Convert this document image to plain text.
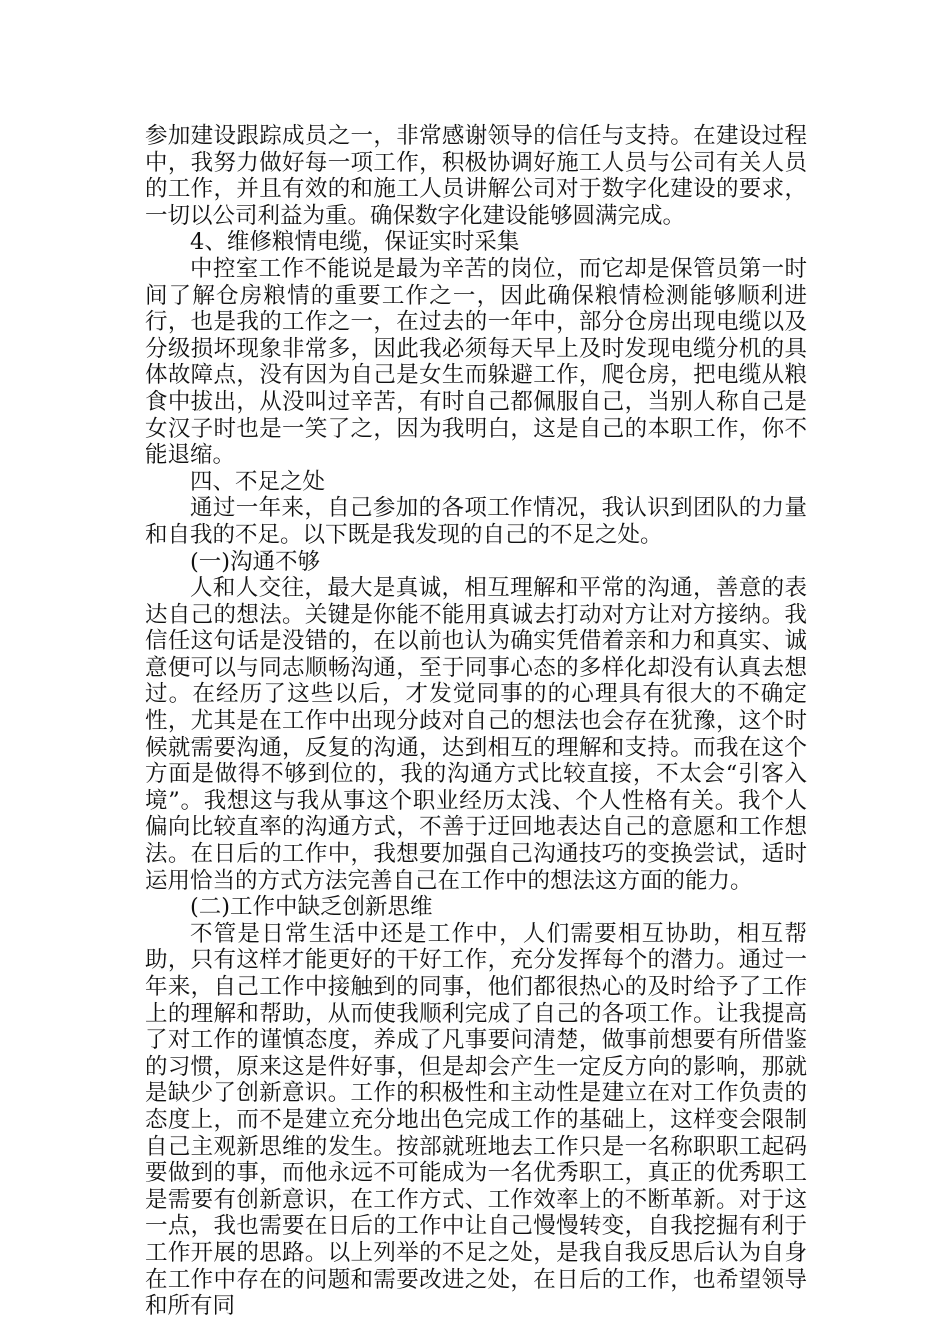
参加建设跟踪成员之一，非常感谢领导的信任与支持。在建设过程中，我努力做好每一项工作，积极协调好施工人员与公司有关人员的工作，并且有效的和施工人员讲解公司对于数字化建设的要求，一切以公司利益为重。确保数字化建设能够圆满完成。

4、维修粮情电缆，保证实时采集

中控室工作不能说是最为辛苦的岗位，而它却是保管员第一时间了解仓房粮情的重要工作之一，因此确保粮情检测能够顺利进行，也是我的工作之一，在过去的一年中，部分仓房出现电缆以及分级损坏现象非常多，因此我必须每天早上及时发现电缆分机的具体故障点，没有因为自己是女生而躲避工作，爬仓房，把电缆从粮食中拔出，从没叫过辛苦，有时自己都佩服自己，当别人称自己是女汉子时也是一笑了之，因为我明白，这是自己的本职工作，你不能退缩。

四、不足之处

通过一年来，自己参加的各项工作情况，我认识到团队的力量和自我的不足。以下既是我发现的自己的不足之处。

(一)沟通不够

人和人交往，最大是真诚，相互理解和平常的沟通，善意的表达自己的想法。关键是你能不能用真诚去打动对方让对方接纳。我信任这句话是没错的，在以前也认为确实凭借着亲和力和真实、诚意便可以与同志顺畅沟通，至于同事心态的多样化却没有认真去想过。在经历了这些以后，才发觉同事的的心理具有很大的不确定性，尤其是在工作中出现分歧对自己的想法也会存在犹豫，这个时候就需要沟通，反复的沟通，达到相互的理解和支持。而我在这个方面是做得不够到位的，我的沟通方式比较直接，不太会“引客入境”。我想这与我从事这个职业经历太浅、个人性格有关。我个人偏向比较直率的沟通方式，不善于迂回地表达自己的意愿和工作想法。在日后的工作中，我想要加强自己沟通技巧的变换尝试，适时运用恰当的方式方法完善自己在工作中的想法这方面的能力。

(二)工作中缺乏创新思维

不管是日常生活中还是工作中，人们需要相互协助，相互帮助，只有这样才能更好的干好工作，充分发挥每个的潜力。通过一年来，自己工作中接触到的同事，他们都很热心的及时给予了工作上的理解和帮助，从而使我顺利完成了自己的各项工作。让我提高了对工作的谨慎态度，养成了凡事要问清楚，做事前想要有所借鉴的习惯，原来这是件好事，但是却会产生一定反方向的影响，那就是缺少了创新意识。工作的积极性和主动性是建立在对工作负责的态度上，而不是建立充分地出色完成工作的基础上，这样变会限制自己主观新思维的发生。按部就班地去工作只是一名称职职工起码要做到的事，而他永远不可能成为一名优秀职工，真正的优秀职工是需要有创新意识，在工作方式、工作效率上的不断革新。对于这一点，我也需要在日后的工作中让自己慢慢转变，自我挖掘有利于工作开展的思路。以上列举的不足之处，是我自我反思后认为自身在工作中存在的问题和需要改进之处，在日后的工作，也希望领导和所有同
